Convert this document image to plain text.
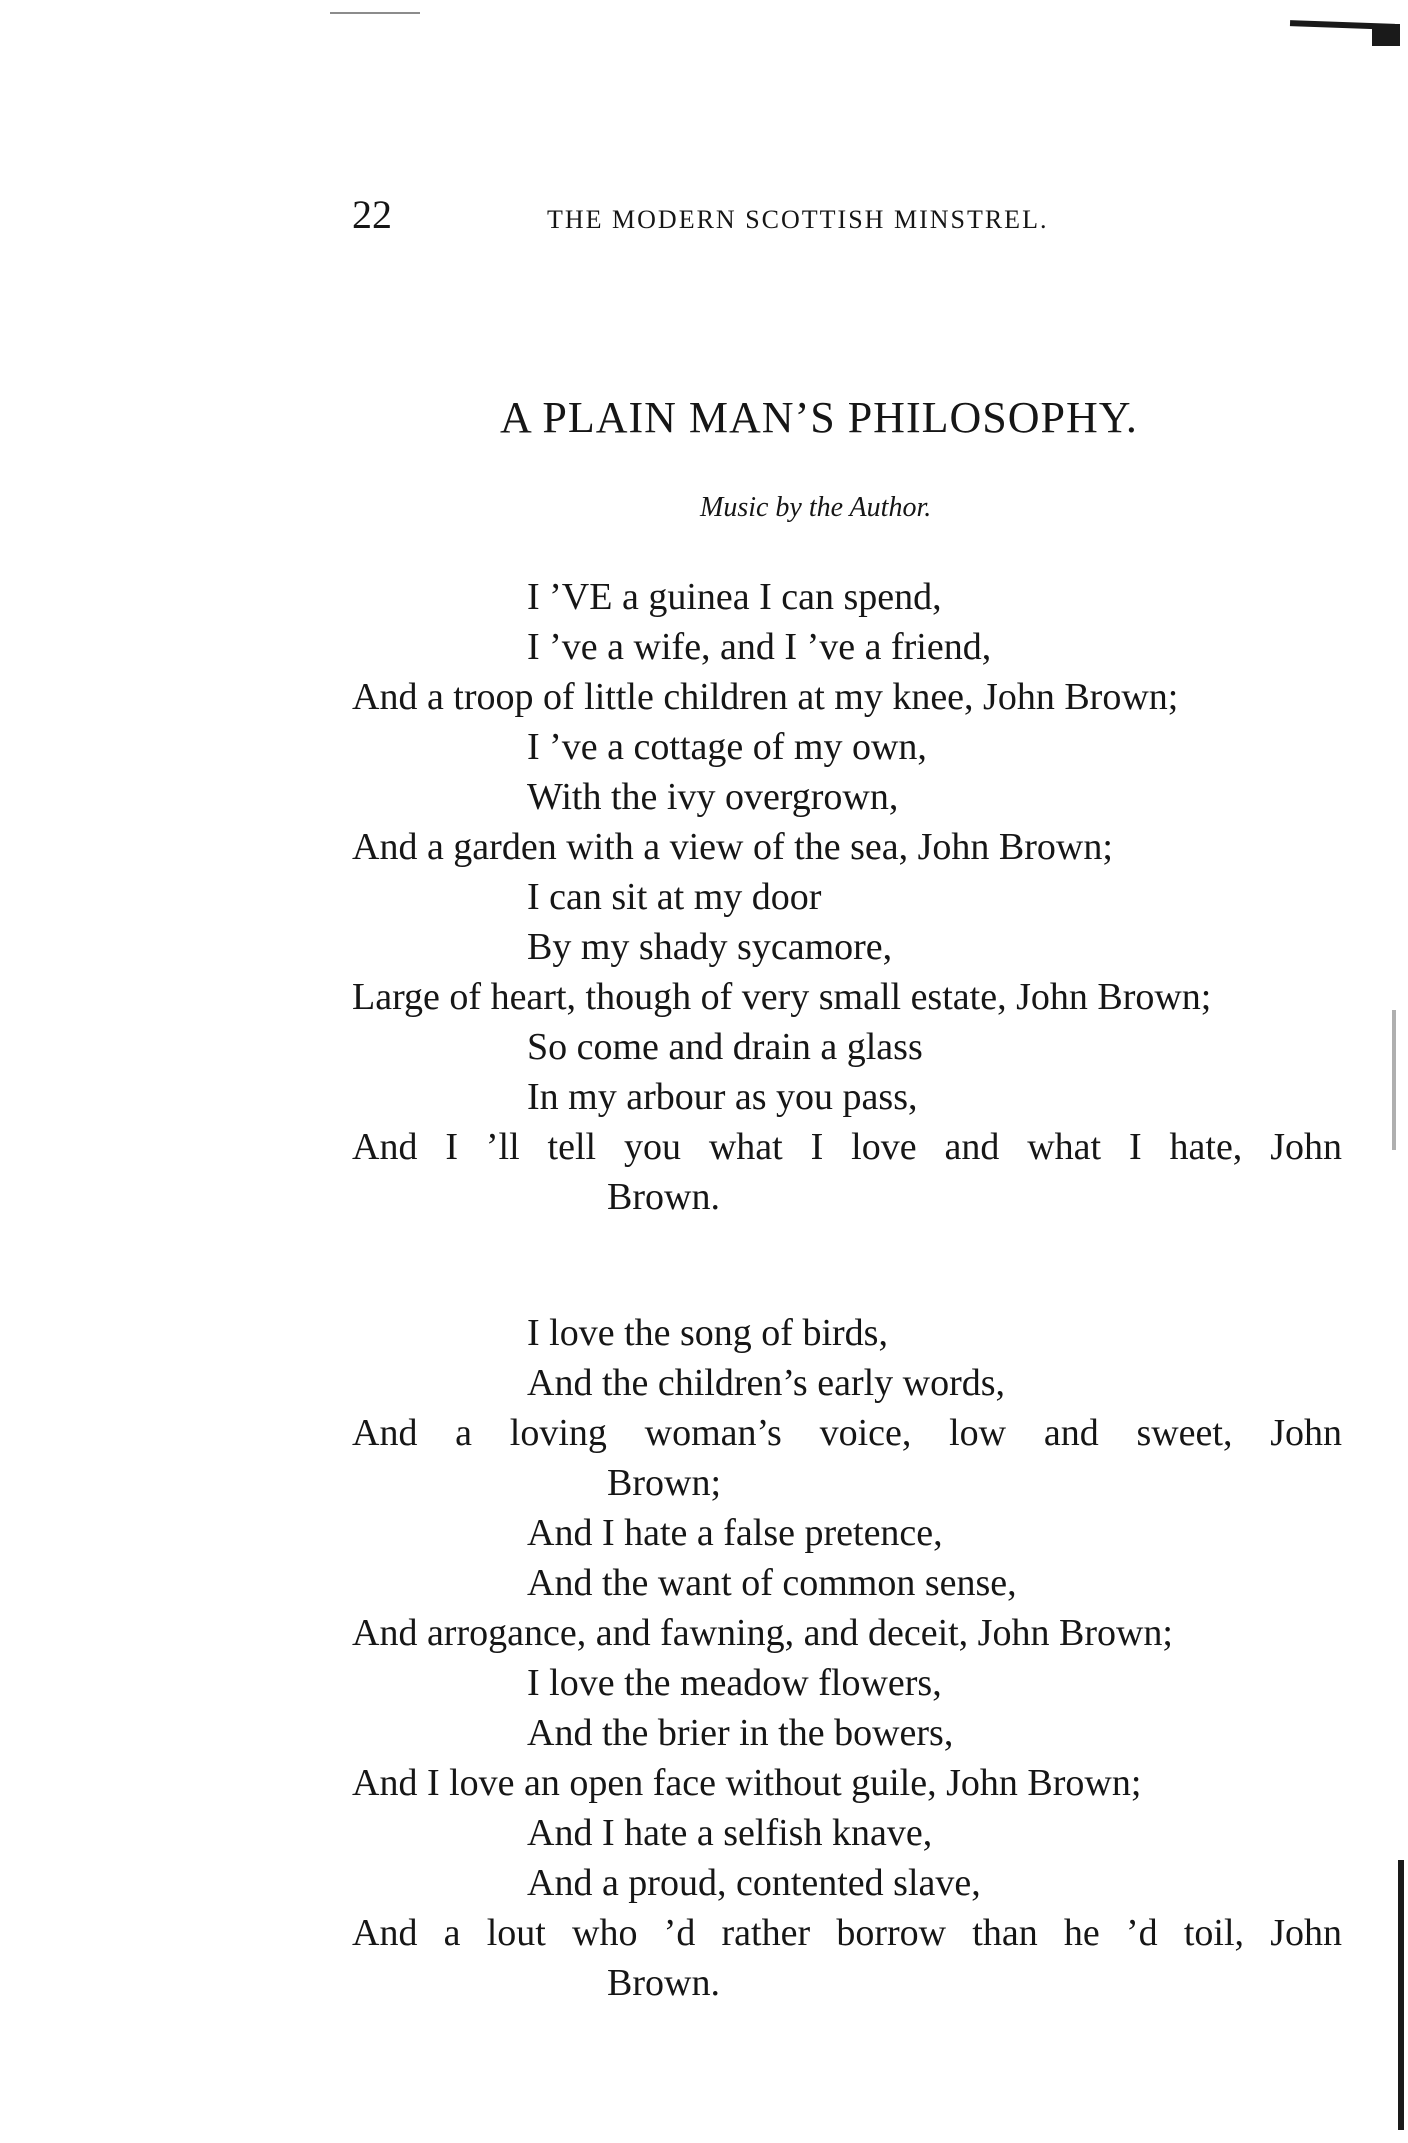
22	THE MODERN SCOTTISH MINSTREL.
A PLAIN MAN’S PHILOSOPHY.
Music by the Author.
I ’VE a guinea I can spend,
I ’ve a wife, and I ’ve a friend,
And a troop of little children at my knee, John Brown;
I ’ve a cottage of my own,
With the ivy overgrown,
And a garden with a view of the sea, John Brown;
I can sit at my door
By my shady sycamore,
Large of heart, though of very small estate, John Brown;
So come and drain a glass
In my arbour as you pass,
And I ’ll tell you what I love and what I hate, John
Brown.
I love the song of birds,
And the children’s early words,
And a loving woman’s voice, low and sweet, John
Brown;
And I hate a false pretence,
And the want of common sense,
And arrogance, and fawning, and deceit, John Brown;
I love the meadow flowers,
And the brier in the bowers,
And I love an open face without guile, John Brown;
And I hate a selfish knave,
And a proud, contented slave,
And a lout who ’d rather borrow than he ’d toil, John
Brown.
